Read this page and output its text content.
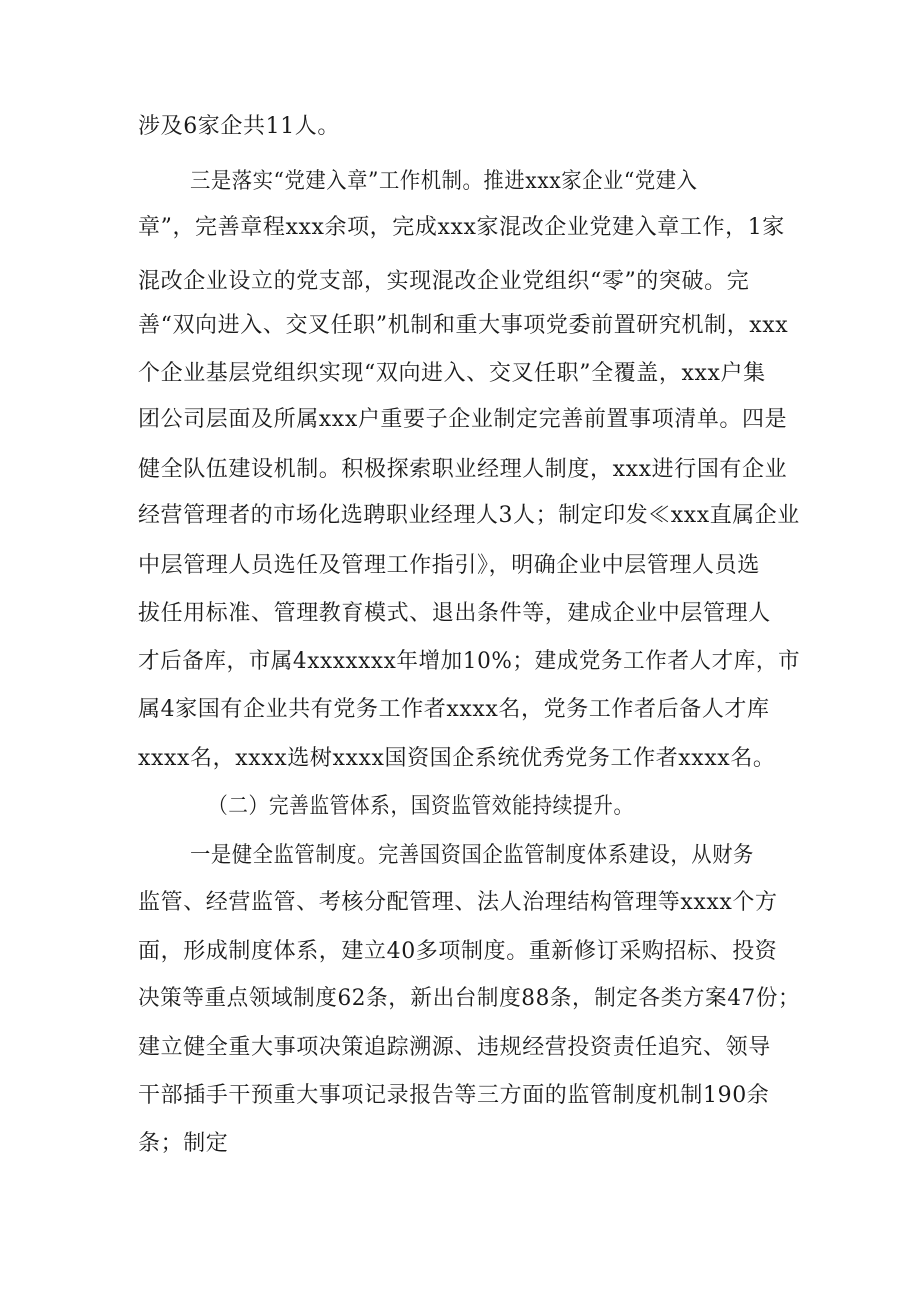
涉及6家企共11人。
三是落实“党建入章”工作机制。推进xxx家企业“党建入
章”，完善章程xxx余项，完成xxx家混改企业党建入章工作，1家
混改企业设立的党支部，实现混改企业党组织“零”的突破。完
善“双向进入、交叉任职”机制和重大事项党委前置研究机制，xxx
个企业基层党组织实现“双向进入、交叉任职”全覆盖，xxx户集
团公司层面及所属xxx户重要子企业制定完善前置事项清单。四是
健全队伍建设机制。积极探索职业经理人制度，xxx进行国有企业
经营管理者的市场化选聘职业经理人3人；制定印发≪xxx直属企业
中层管理人员选任及管理工作指引》，明确企业中层管理人员选
拔任用标准、管理教育模式、退出条件等，建成企业中层管理人
才后备库，市属4xxxxxxx年增加10%；建成党务工作者人才库，市
属4家国有企业共有党务工作者xxxx名，党务工作者后备人才库
xxxx名，xxxx选树xxxx国资国企系统优秀党务工作者xxxx名。
（二）完善监管体系，国资监管效能持续提升。
一是健全监管制度。完善国资国企监管制度体系建设，从财务
监管、经营监管、考核分配管理、法人治理结构管理等xxxx个方
面，形成制度体系，建立40多项制度。重新修订采购招标、投资
决策等重点领域制度62条，新出台制度88条，制定各类方案47份；
建立健全重大事项决策追踪溯源、违规经营投资责任追究、领导
干部插手干预重大事项记录报告等三方面的监管制度机制190余
条；制定
